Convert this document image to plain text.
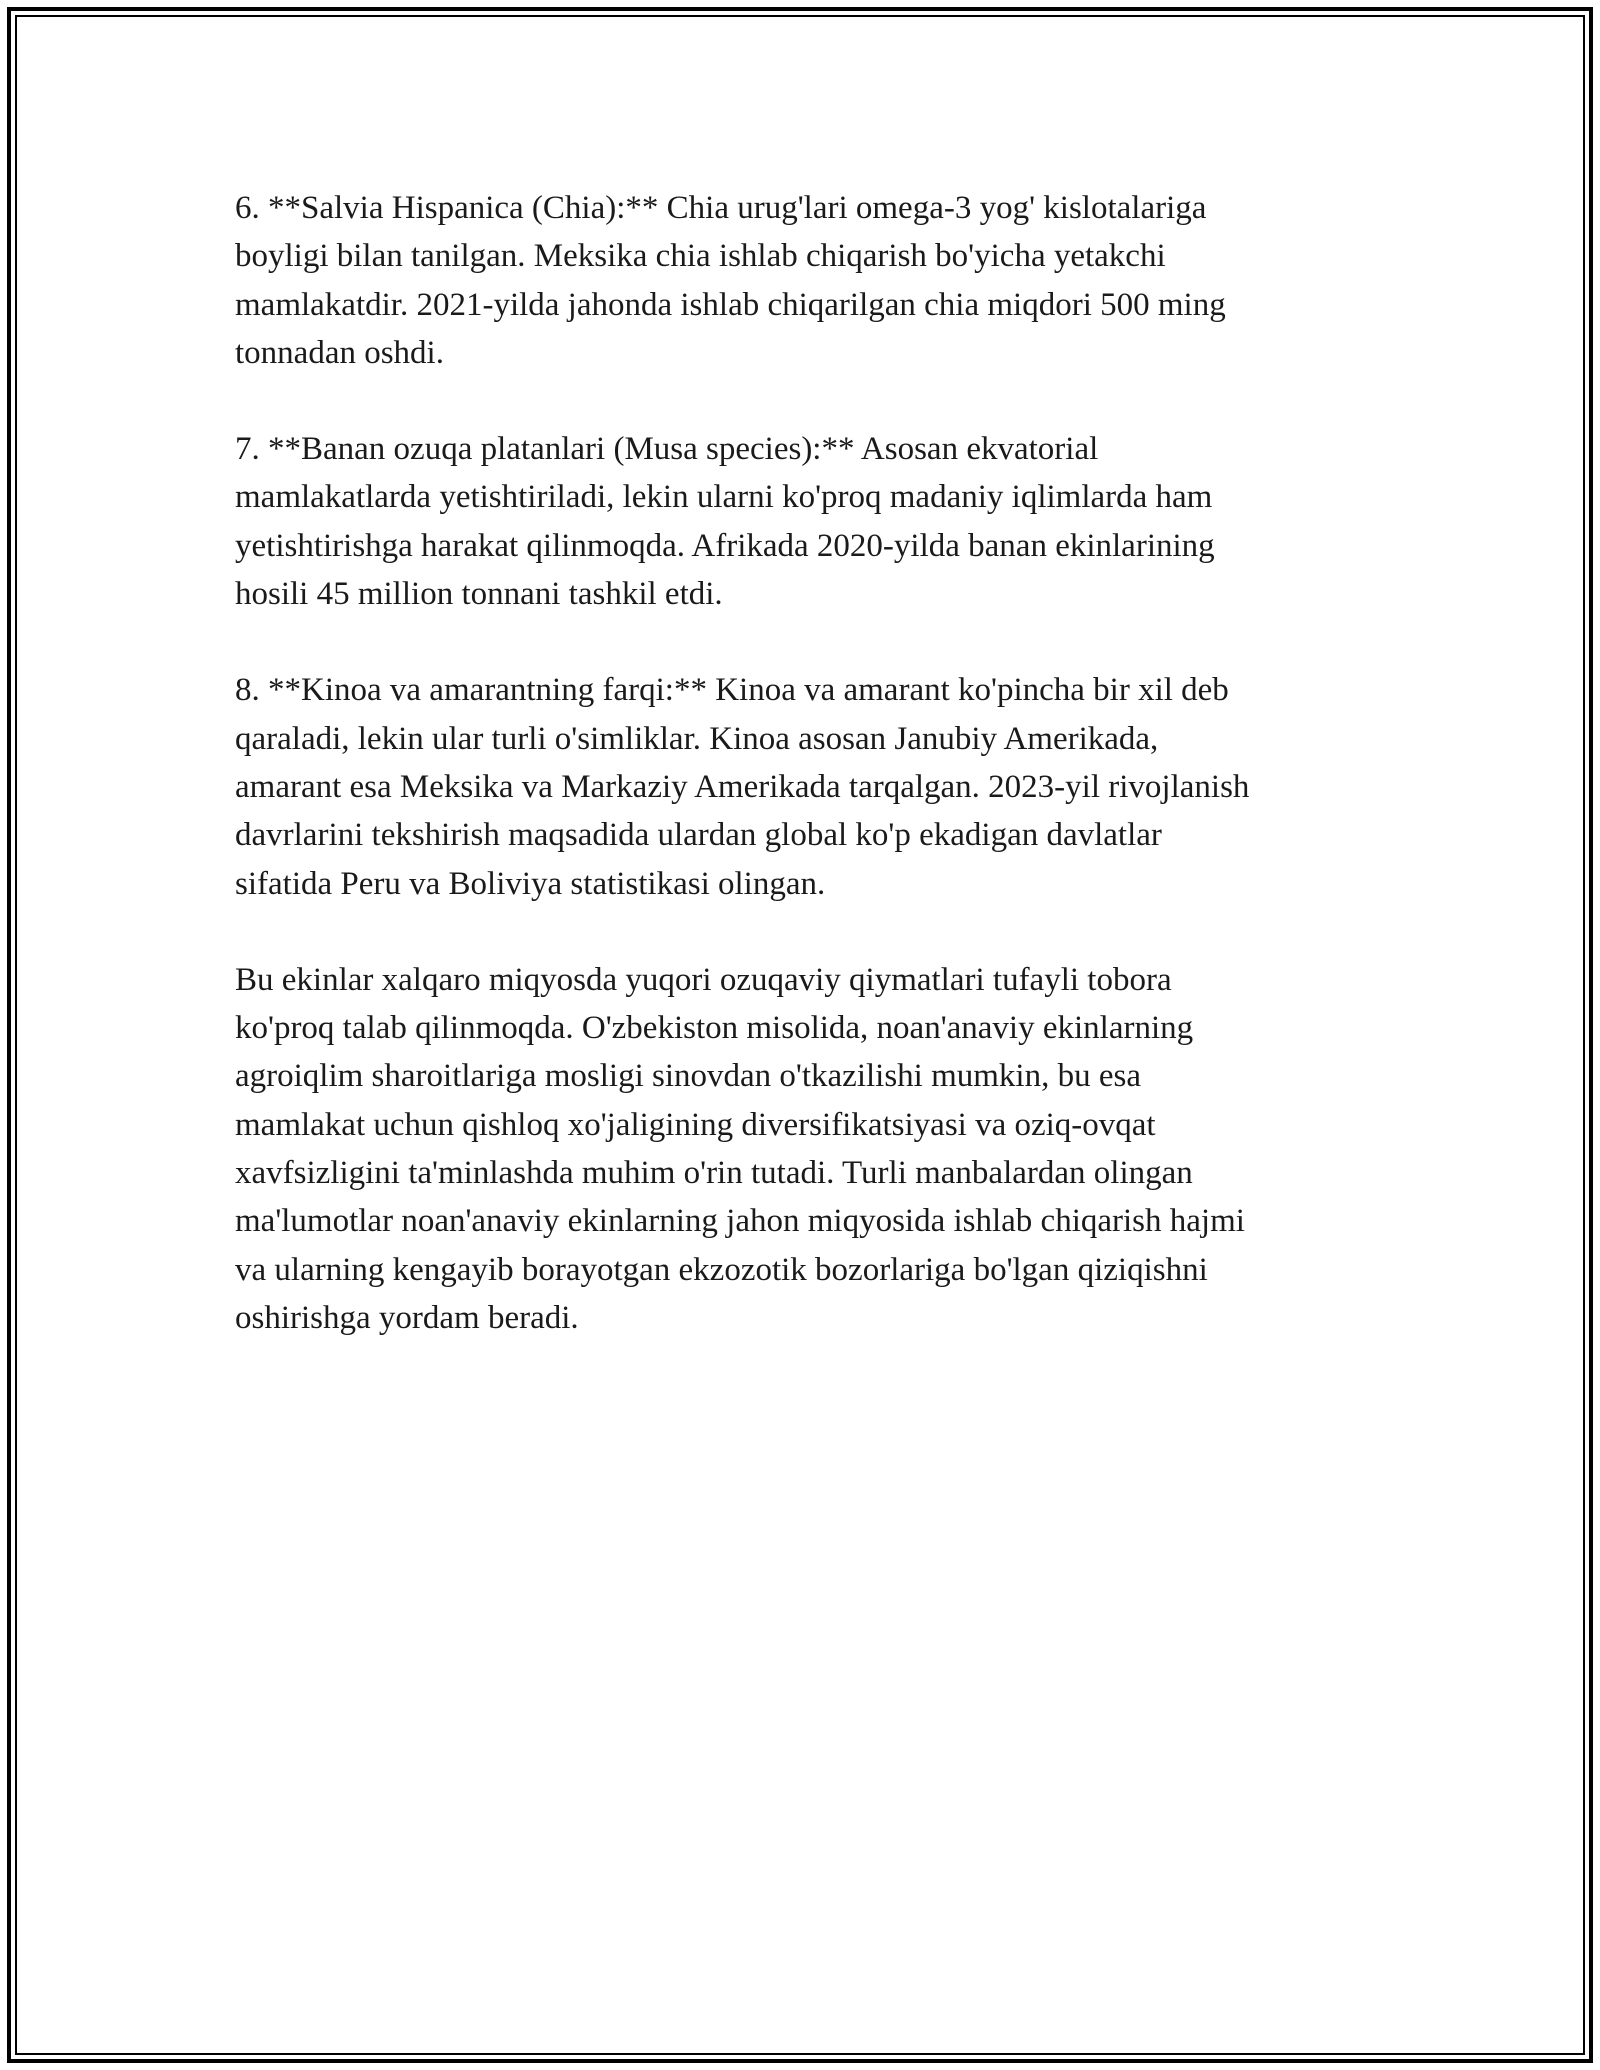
6. **Salvia Hispanica (Chia):** Chia urug'lari omega-3 yog' kislotalariga
boyligi bilan tanilgan. Meksika chia ishlab chiqarish bo'yicha yetakchi
mamlakatdir. 2021-yilda jahonda ishlab chiqarilgan chia miqdori 500 ming
tonnadan oshdi.

7. **Banan ozuqa platanlari (Musa species):** Asosan ekvatorial
mamlakatlarda yetishtiriladi, lekin ularni ko'proq madaniy iqlimlarda ham
yetishtirishga harakat qilinmoqda. Afrikada 2020-yilda banan ekinlarining
hosili 45 million tonnani tashkil etdi.

8. **Kinoa va amarantning farqi:** Kinoa va amarant ko'pincha bir xil deb
qaraladi, lekin ular turli o'simliklar. Kinoa asosan Janubiy Amerikada,
amarant esa Meksika va Markaziy Amerikada tarqalgan. 2023-yil rivojlanish
davrlarini tekshirish maqsadida ulardan global ko'p ekadigan davlatlar
sifatida Peru va Boliviya statistikasi olingan.

Bu ekinlar xalqaro miqyosda yuqori ozuqaviy qiymatlari tufayli tobora
ko'proq talab qilinmoqda. O'zbekiston misolida, noan'anaviy ekinlarning
agroiqlim sharoitlariga mosligi sinovdan o'tkazilishi mumkin, bu esa
mamlakat uchun qishloq xo'jaligining diversifikatsiyasi va oziq-ovqat
xavfsizligini ta'minlashda muhim o'rin tutadi. Turli manbalardan olingan
ma'lumotlar noan'anaviy ekinlarning jahon miqyosida ishlab chiqarish hajmi
va ularning kengayib borayotgan ekzozotik bozorlariga bo'lgan qiziqishni
oshirishga yordam beradi.
